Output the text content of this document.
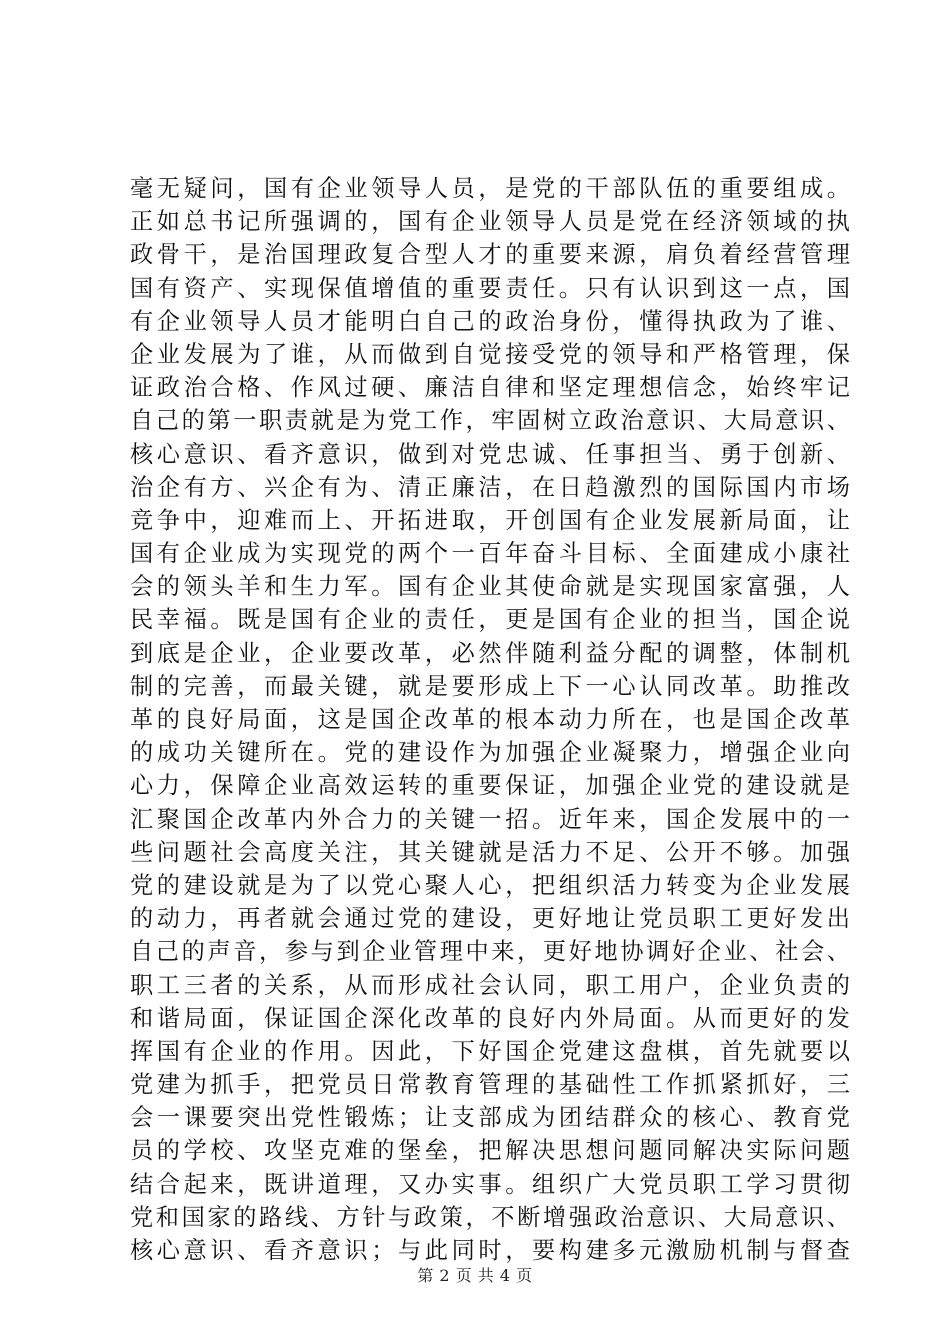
毫无疑问，国有企业领导人员，是党的干部队伍的重要组成。
正如总书记所强调的，国有企业领导人员是党在经济领域的执
政骨干，是治国理政复合型人才的重要来源，肩负着经营管理
国有资产、实现保值增值的重要责任。只有认识到这一点，国
有企业领导人员才能明白自己的政治身份，懂得执政为了谁、
企业发展为了谁，从而做到自觉接受党的领导和严格管理，保
证政治合格、作风过硬、廉洁自律和坚定理想信念，始终牢记
自己的第一职责就是为党工作，牢固树立政治意识、大局意识、
核心意识、看齐意识，做到对党忠诚、任事担当、勇于创新、
治企有方、兴企有为、清正廉洁，在日趋激烈的国际国内市场
竞争中，迎难而上、开拓进取，开创国有企业发展新局面，让
国有企业成为实现党的两个一百年奋斗目标、全面建成小康社
会的领头羊和生力军。国有企业其使命就是实现国家富强，人
民幸福。既是国有企业的责任，更是国有企业的担当，国企说
到底是企业，企业要改革，必然伴随利益分配的调整，体制机
制的完善，而最关键，就是要形成上下一心认同改革。助推改
革的良好局面，这是国企改革的根本动力所在，也是国企改革
的成功关键所在。党的建设作为加强企业凝聚力，增强企业向
心力，保障企业高效运转的重要保证，加强企业党的建设就是
汇聚国企改革内外合力的关键一招。近年来，国企发展中的一
些问题社会高度关注，其关键就是活力不足、公开不够。加强
党的建设就是为了以党心聚人心，把组织活力转变为企业发展
的动力，再者就会通过党的建设，更好地让党员职工更好发出
自己的声音，参与到企业管理中来，更好地协调好企业、社会、
职工三者的关系，从而形成社会认同，职工用户，企业负责的
和谐局面，保证国企深化改革的良好内外局面。从而更好的发
挥国有企业的作用。因此，下好国企党建这盘棋，首先就要以
党建为抓手，把党员日常教育管理的基础性工作抓紧抓好，三
会一课要突出党性锻炼；让支部成为团结群众的核心、教育党
员的学校、攻坚克难的堡垒，把解决思想问题同解决实际问题
结合起来，既讲道理，又办实事。组织广大党员职工学习贯彻
党和国家的路线、方针与政策，不断增强政治意识、大局意识、
核心意识、看齐意识；与此同时，要构建多元激励机制与督查
第 2 页 共 4 页
